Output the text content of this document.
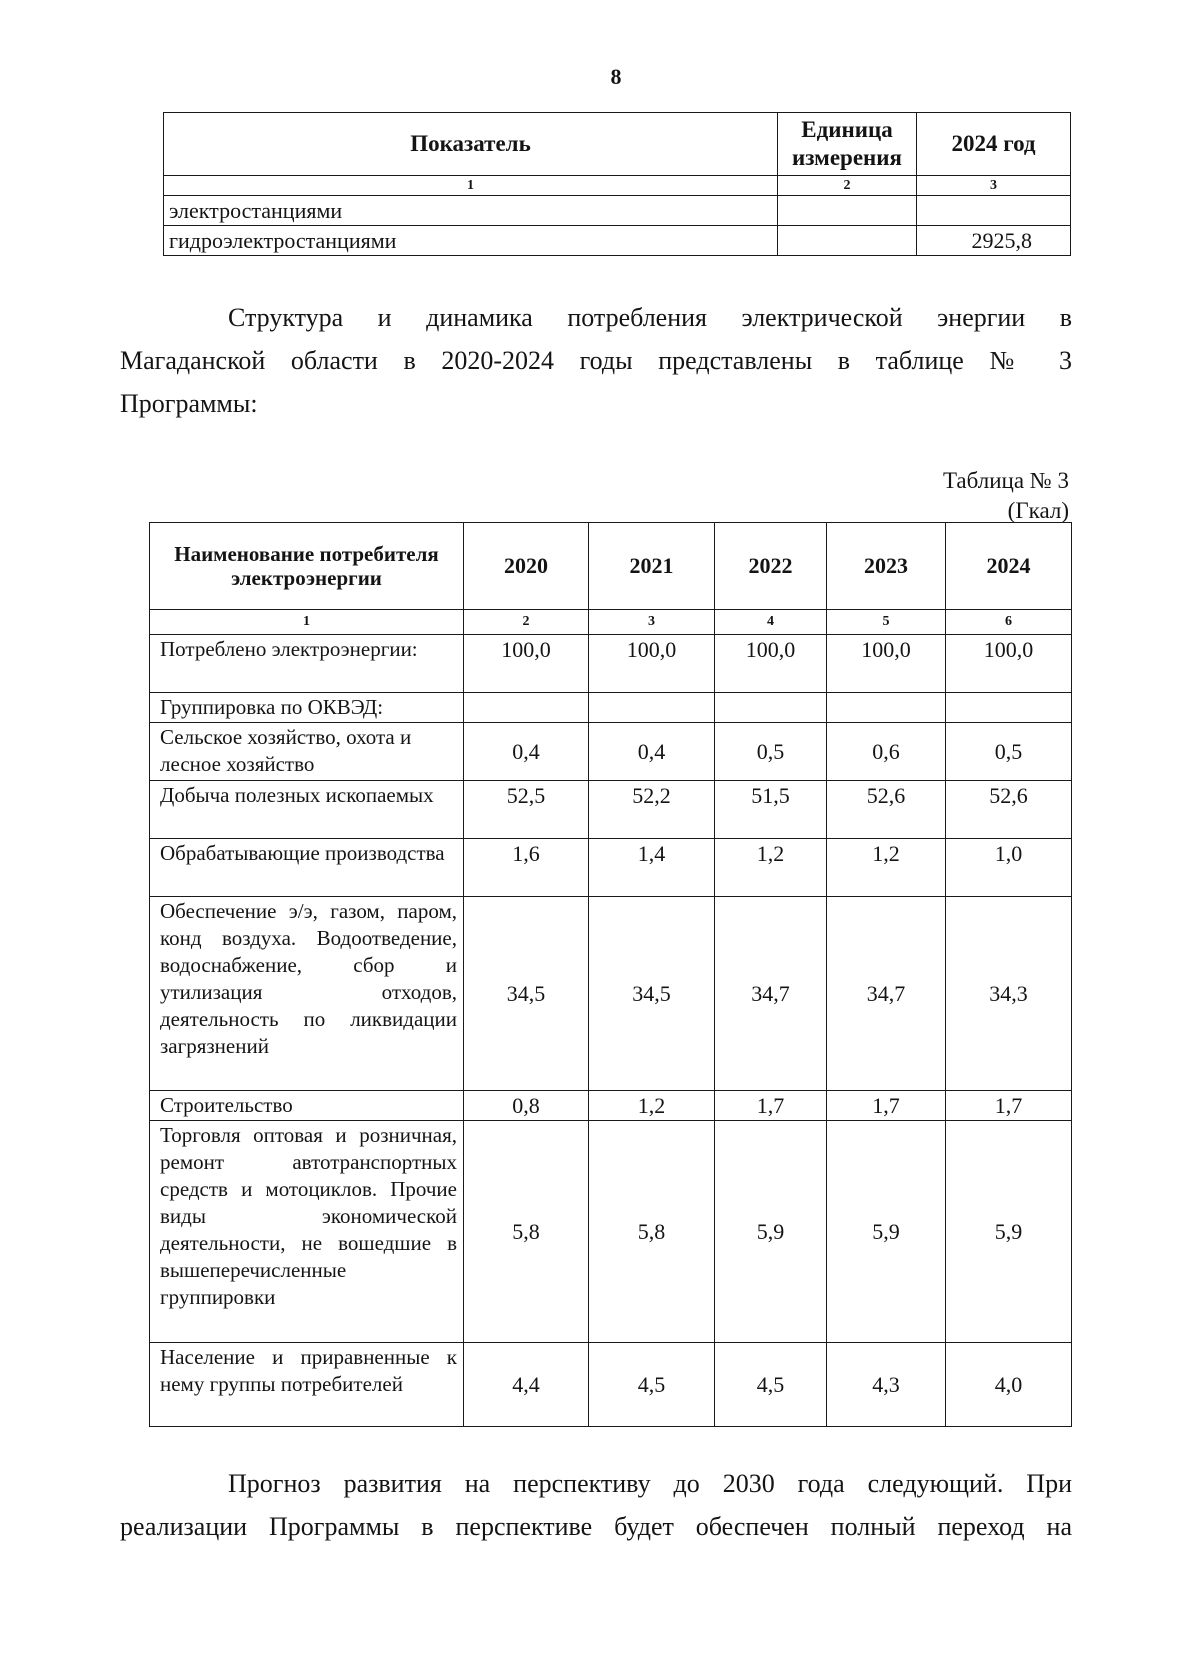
8
Показатель	Единица измерения	2024 год
1	2	3
электростанциями		
гидроэлектростанциями		2925,8
Структура и динамика потребления электрической энергии в
Магаданской области в 2020-2024 годы представлены в таблице № 3
Программы:
Таблица № 3
(Гкал)
Наименование потребителя электроэнергии	2020	2021	2022	2023	2024
1	2	3	4	5	6
Потреблено электроэнергии:	100,0	100,0	100,0	100,0	100,0
Группировка по ОКВЭД:					
Сельское хозяйство, охота и лесное хозяйство	0,4	0,4	0,5	0,6	0,5
Добыча полезных ископаемых	52,5	52,2	51,5	52,6	52,6
Обрабатывающие производства	1,6	1,4	1,2	1,2	1,0
Обеспечение э/э, газом, паром, конд воздуха. Водоотведение, водоснабжение, сбор и утилизация отходов, деятельность по ликвидации загрязнений	34,5	34,5	34,7	34,7	34,3
Строительство	0,8	1,2	1,7	1,7	1,7
Торговля оптовая и розничная, ремонт автотранспортных средств и мотоциклов. Прочие виды экономической деятельности, не вошедшие в вышеперечисленные группировки	5,8	5,8	5,9	5,9	5,9
Население и приравненные к нему группы потребителей	4,4	4,5	4,5	4,3	4,0
Прогноз развития на перспективу до 2030 года следующий. При
реализации Программы в перспективе будет обеспечен полный переход на
